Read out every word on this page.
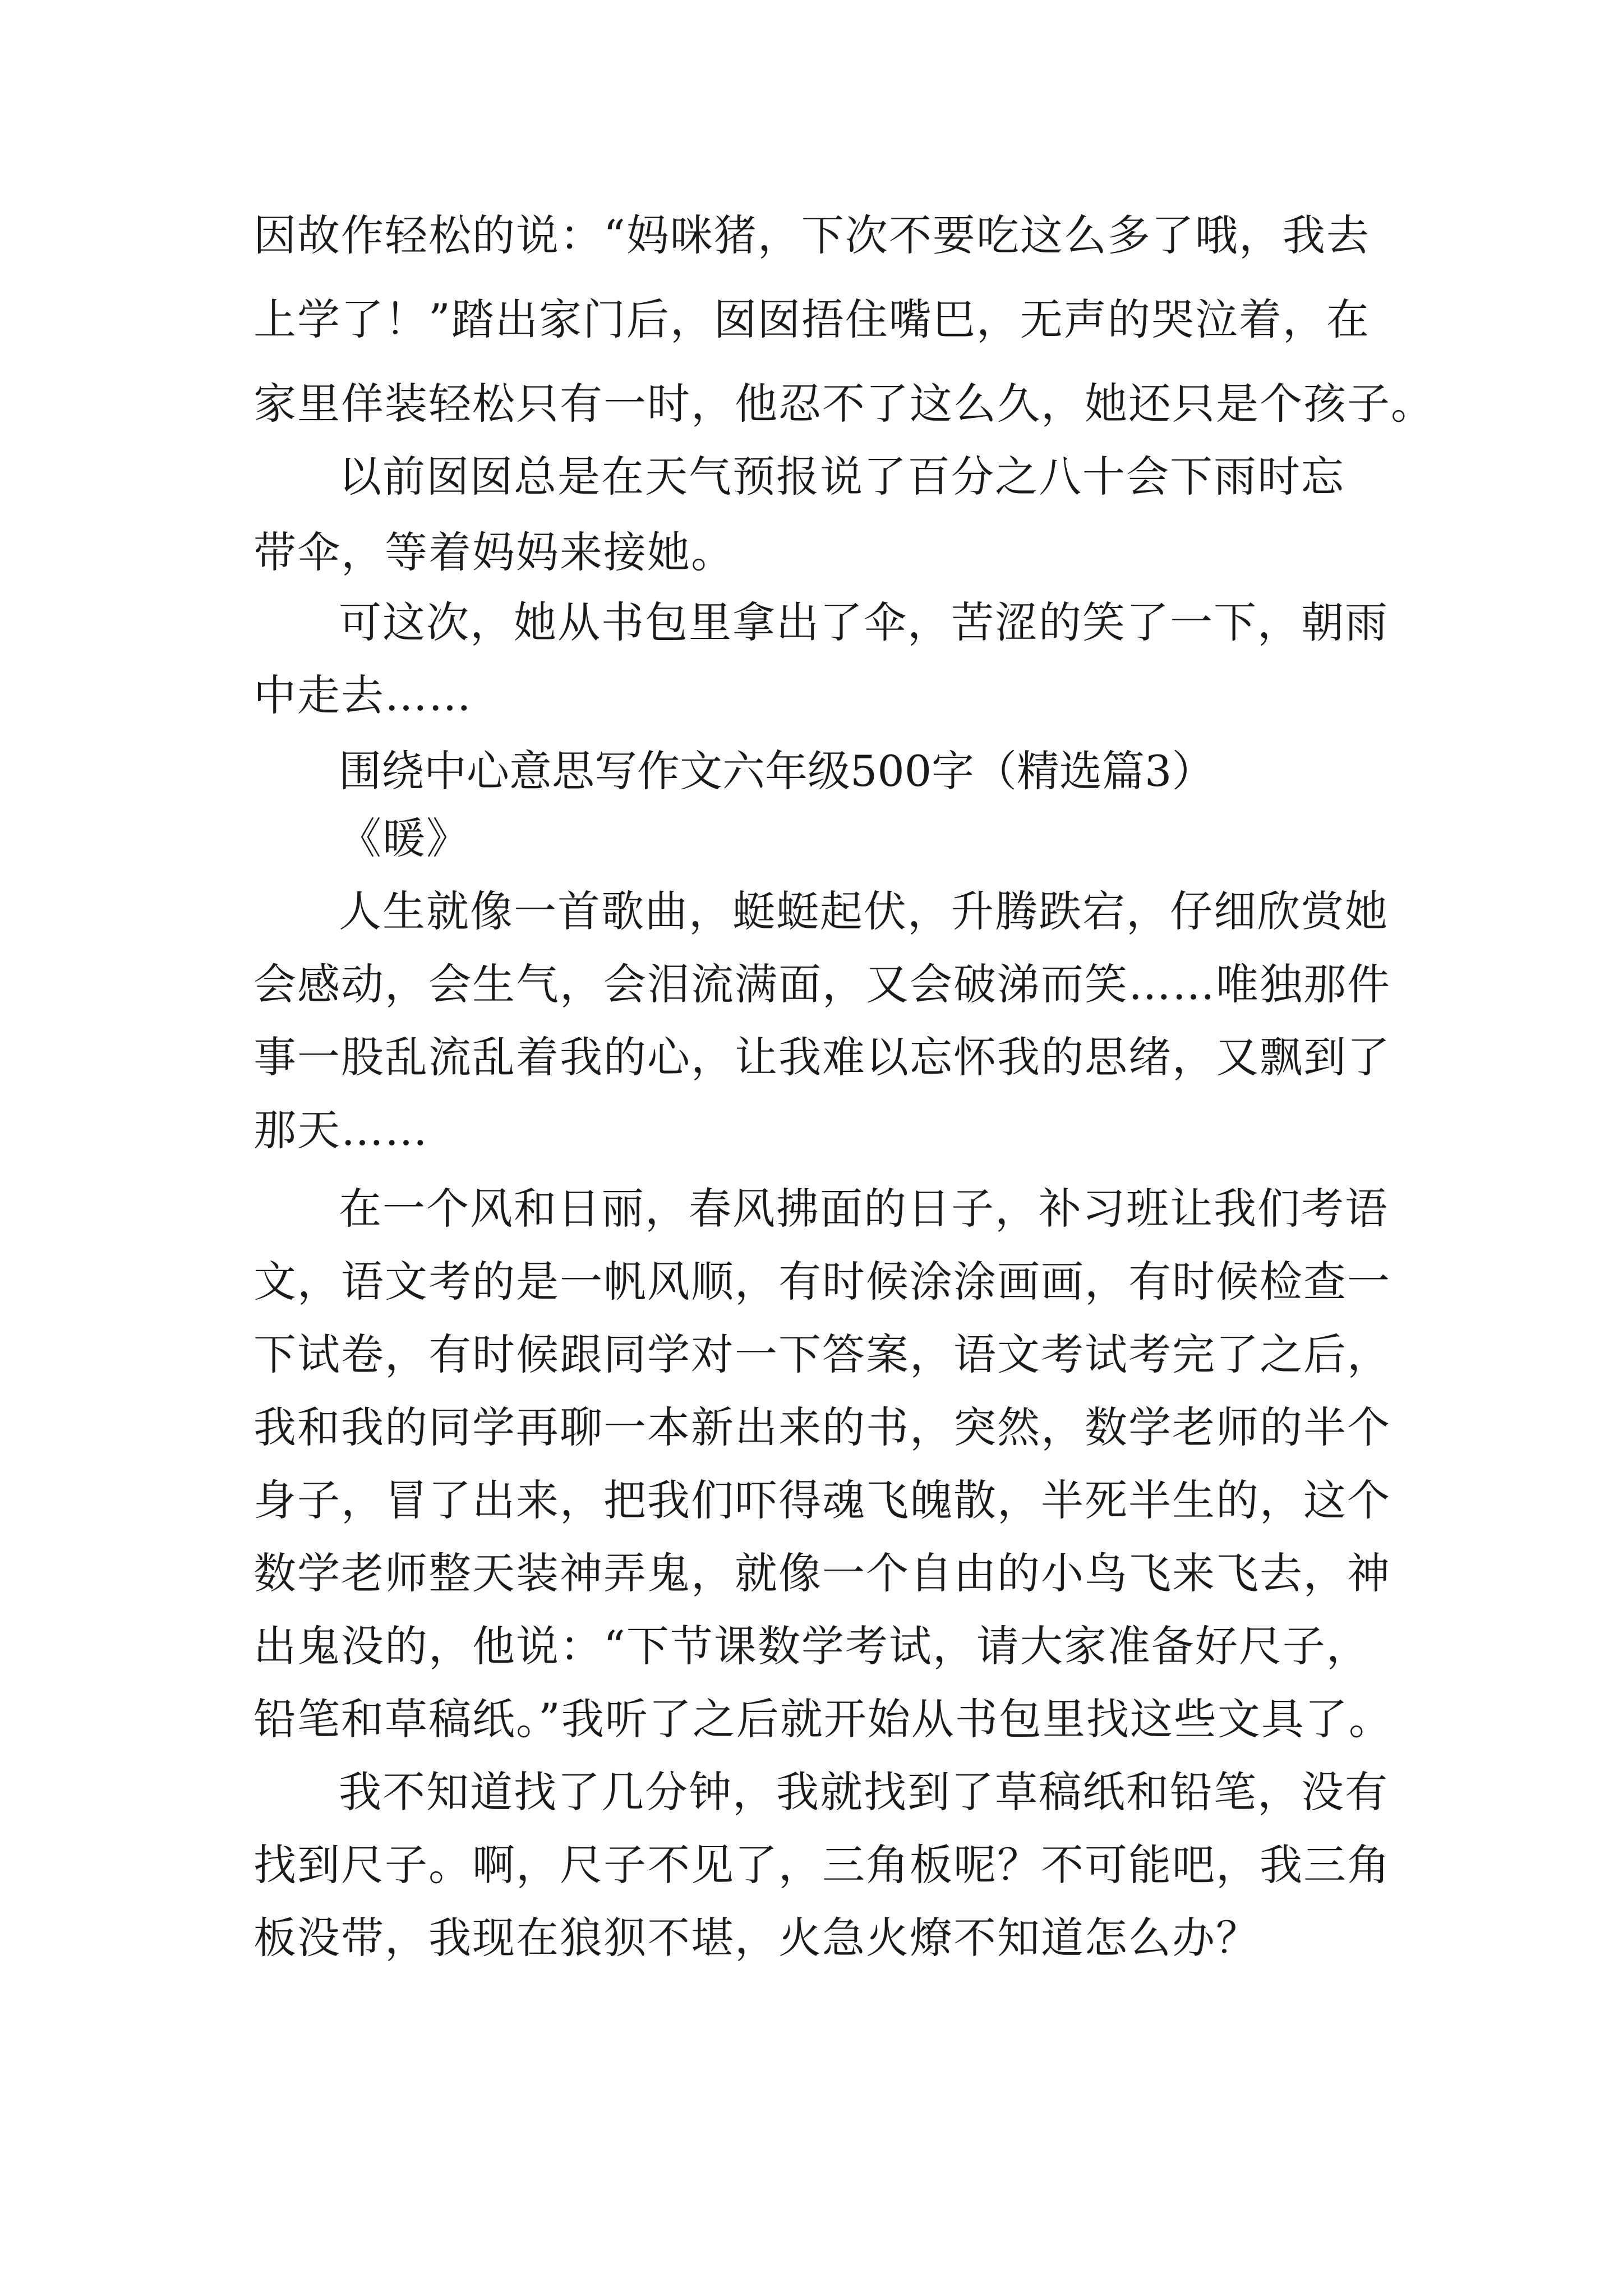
因故作轻松的说：“妈咪猪，下次不要吃这么多了哦，我去
上学了！”踏出家门后，囡囡捂住嘴巴，无声的哭泣着，在
家里佯装轻松只有一时，他忍不了这么久，她还只是个孩子。
以前囡囡总是在天气预报说了百分之八十会下雨时忘
带伞，等着妈妈来接她。
可这次，她从书包里拿出了伞，苦涩的笑了一下，朝雨
中走去……
围绕中心意思写作文六年级500字（精选篇3）
《暖》
人生就像一首歌曲，蜓蜓起伏，升腾跌宕，仔细欣赏她
会感动，会生气，会泪流满面，又会破涕而笑……唯独那件
事一股乱流乱着我的心，让我难以忘怀我的思绪，又飘到了
那天……
在一个风和日丽，春风拂面的日子，补习班让我们考语
文，语文考的是一帆风顺，有时候涂涂画画，有时候检查一
下试卷，有时候跟同学对一下答案，语文考试考完了之后，
我和我的同学再聊一本新出来的书，突然，数学老师的半个
身子，冒了出来，把我们吓得魂飞魄散，半死半生的，这个
数学老师整天装神弄鬼，就像一个自由的小鸟飞来飞去，神
出鬼没的，他说：“下节课数学考试，请大家准备好尺子，
铅笔和草稿纸。”我听了之后就开始从书包里找这些文具了。
我不知道找了几分钟，我就找到了草稿纸和铅笔，没有
找到尺子。啊，尺子不见了，三角板呢？不可能吧，我三角
板没带，我现在狼狈不堪，火急火燎不知道怎么办？
